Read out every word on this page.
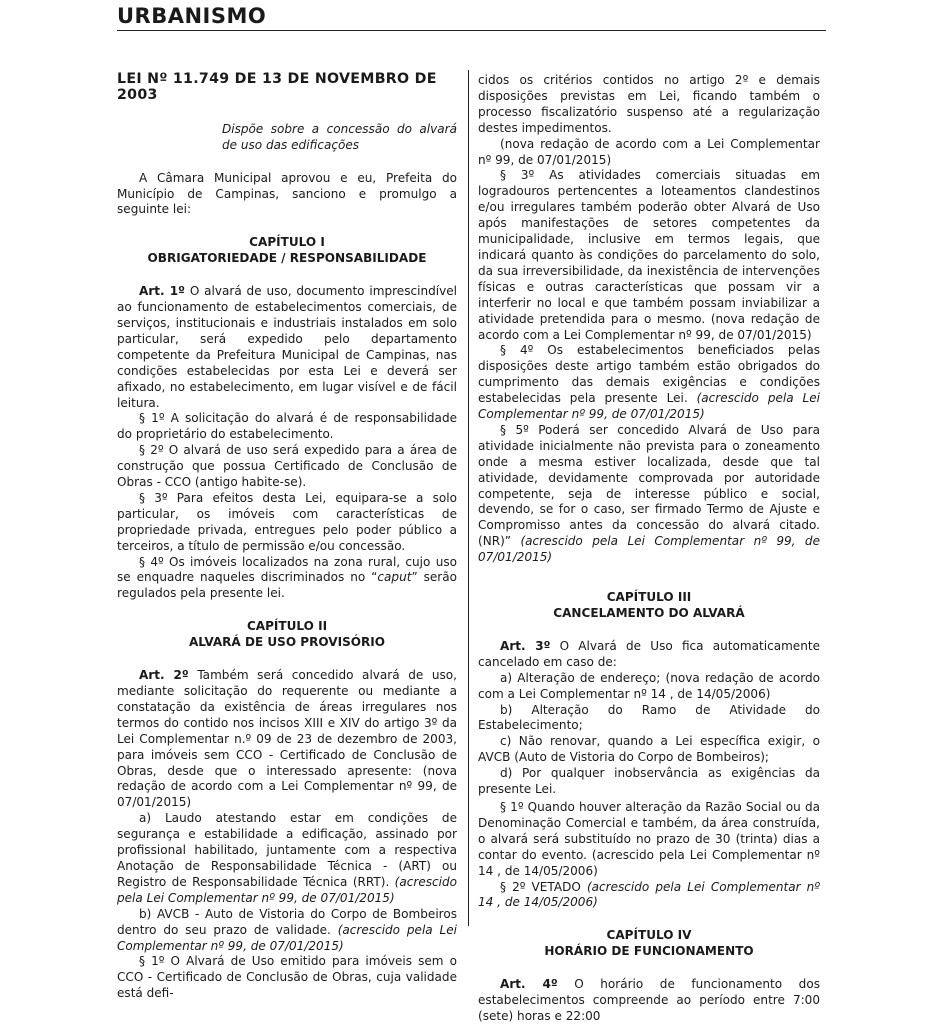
URBANISMO
LEI Nº 11.749 DE 13 DE NOVEMBRO DE 2003
Dispõe sobre a concessão do alvará de uso das edificações

A Câmara Municipal aprovou e eu, Prefeita do Município de Campinas, sanciono e promulgo a seguinte lei:

CAPÍTULO I
OBRIGATORIEDADE / RESPONSABILIDADE

Art. 1º O alvará de uso, documento imprescindível ao funcionamento de estabelecimentos comerciais, de serviços, institucionais e industriais instalados em solo particular, será expedido pelo departamento competente da Prefeitura Municipal de Campinas, nas condições estabelecidas por esta Lei e deverá ser afixado, no estabelecimento, em lugar visível e de fácil leitura.

§ 1º A solicitação do alvará é de responsabilidade do proprietário do estabelecimento.

§ 2º O alvará de uso será expedido para a área de construção que possua Certificado de Conclusão de Obras - CCO (antigo habite-se).

§ 3º Para efeitos desta Lei, equipara-se a solo particular, os imóveis com características de propriedade privada, entregues pelo poder público a terceiros, a título de permissão e/ou concessão.

§ 4º Os imóveis localizados na zona rural, cujo uso se enquadre naqueles discriminados no “caput” serão regulados pela presente lei.

CAPÍTULO II
ALVARÁ DE USO PROVISÓRIO

Art. 2º Também será concedido alvará de uso, mediante solicitação do requerente ou mediante a constatação da existência de áreas irregulares nos termos do contido nos incisos XIII e XIV do artigo 3º da Lei Complementar n.º 09 de 23 de dezembro de 2003, para imóveis sem CCO - Certificado de Conclusão de Obras, desde que o interessado apresente: (nova redação de acordo com a Lei Complementar nº 99, de 07/01/2015)

a) Laudo atestando estar em condições de segurança e estabilidade a edificação, assinado por profissional habilitado, juntamente com a respectiva Anotação de Responsabilidade Técnica - (ART) ou Registro de Responsabilidade Técnica (RRT). (acrescido pela Lei Complementar nº 99, de 07/01/2015)

b) AVCB - Auto de Vistoria do Corpo de Bombeiros dentro do seu prazo de validade. (acrescido pela Lei Complementar nº 99, de 07/01/2015)

§ 1º O Alvará de Uso emitido para imóveis sem o CCO - Certificado de Conclusão de Obras, cuja validade está defi-

cidos os critérios contidos no artigo 2º e demais disposições previstas em Lei, ficando também o processo fiscalizatório suspenso até a regularização destes impedimentos.

(nova redação de acordo com a Lei Complementar nº 99, de 07/01/2015)

§ 3º As atividades comerciais situadas em logradouros pertencentes a loteamentos clandestinos e/ou irregulares também poderão obter Alvará de Uso após manifestações de setores competentes da municipalidade, inclusive em termos legais, que indicará quanto às condições do parcelamento do solo, da sua irreversibilidade, da inexistência de intervenções físicas e outras características que possam vir a interferir no local e que também possam inviabilizar a atividade pretendida para o mesmo. (nova redação de acordo com a Lei Complementar nº 99, de 07/01/2015)

§ 4º Os estabelecimentos beneficiados pelas disposições deste artigo também estão obrigados do cumprimento das demais exigências e condições estabelecidas pela presente Lei. (acrescido pela Lei Complementar nº 99, de 07/01/2015)

§ 5º Poderá ser concedido Alvará de Uso para atividade inicialmente não prevista para o zoneamento onde a mesma estiver localizada, desde que tal atividade, devidamente comprovada por autoridade competente, seja de interesse público e social, devendo, se for o caso, ser firmado Termo de Ajuste e Compromisso antes da concessão do alvará citado. (NR)” (acrescido pela Lei Complementar nº 99, de 07/01/2015)

CAPÍTULO III
CANCELAMENTO DO ALVARÁ

Art. 3º O Alvará de Uso fica automaticamente cancelado em caso de:

a) Alteração de endereço; (nova redação de acordo com a Lei Complementar nº 14 , de 14/05/2006)

b) Alteração do Ramo de Atividade do Estabelecimento;

c) Não renovar, quando a Lei específica exigir, o AVCB (Auto de Vistoria do Corpo de Bombeiros);

d) Por qualquer inobservância as exigências da presente Lei.

§ 1º Quando houver alteração da Razão Social ou da Denominação Comercial e também, da área construída, o alvará será substituído no prazo de 30 (trinta) dias a contar do evento. (acrescido pela Lei Complementar nº 14 , de 14/05/2006)

§ 2º VETADO (acrescido pela Lei Complementar nº 14 , de 14/05/2006)

CAPÍTULO IV
HORÁRIO DE FUNCIONAMENTO

Art. 4º O horário de funcionamento dos estabelecimentos compreende ao período entre 7:00 (sete) horas e 22:00
